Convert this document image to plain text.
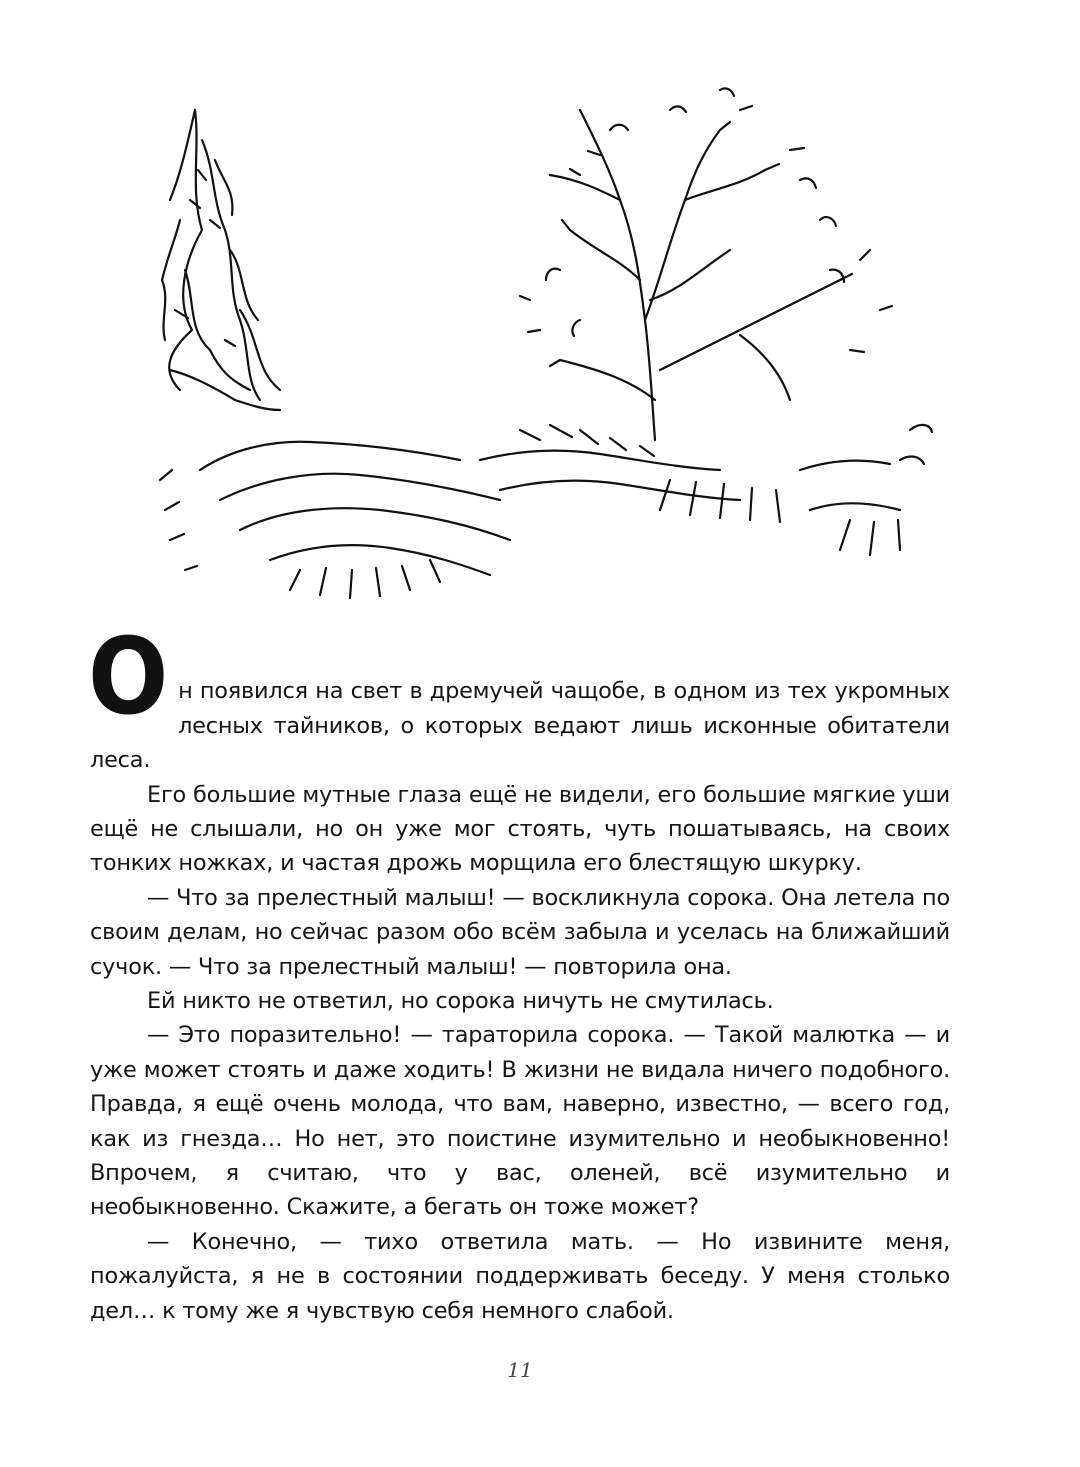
Он появился на свет в дремучей чащобе, в одном из тех укромных лесных тайников, о которых ведают лишь исконные обитатели леса.

Его большие мутные глаза ещё не видели, его большие мягкие уши ещё не слышали, но он уже мог стоять, чуть пошатываясь, на своих тонких ножках, и частая дрожь морщила его блестящую шкурку.

— Что за прелестный малыш! — воскликнула сорока. Она летела по своим делам, но сейчас разом обо всём забыла и уселась на ближайший сучок. — Что за прелестный малыш! — повторила она.

Ей никто не ответил, но сорока ничуть не смутилась.

— Это поразительно! — тараторила сорока. — Такой малютка — и уже может стоять и даже ходить! В жизни не видала ничего подобного. Правда, я ещё очень молода, что вам, наверно, известно, — всего год, как из гнезда… Но нет, это поистине изумительно и необыкновенно! Впрочем, я считаю, что у вас, оленей, всё изумительно и необыкновенно. Скажите, а бегать он тоже может?

— Конечно, — тихо ответила мать. — Но извините меня, пожалуйста, я не в состоянии поддерживать беседу. У меня столько дел… к тому же я чувствую себя немного слабой.

11
